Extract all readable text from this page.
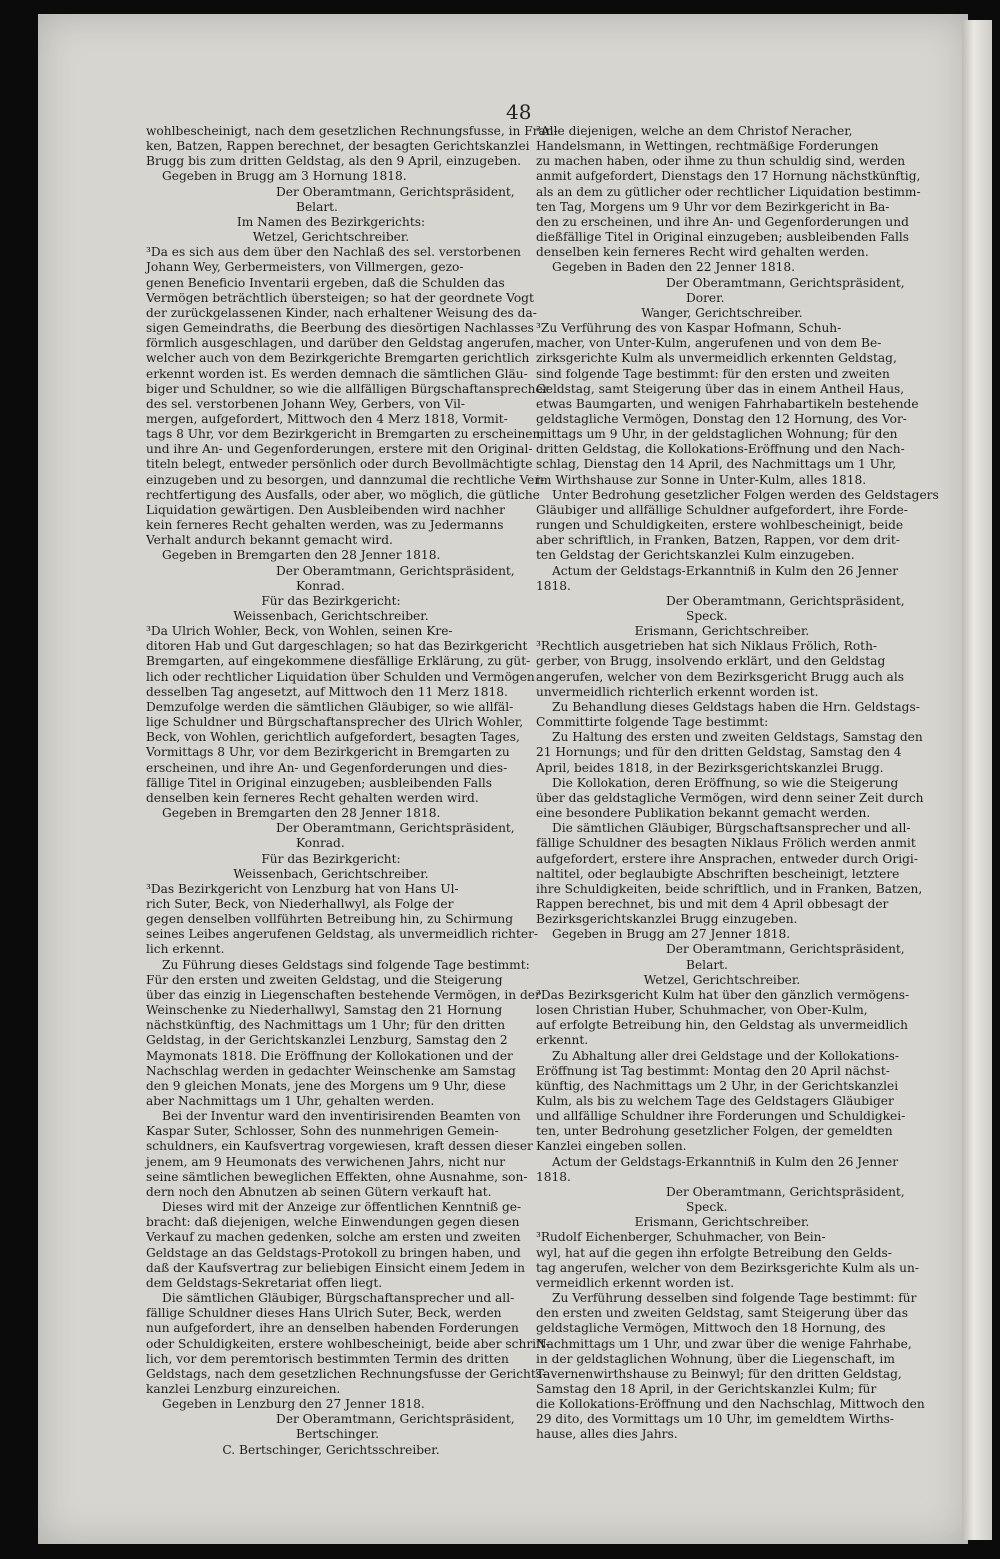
48
wohlbescheinigt, nach dem gesetzlichen Rechnungsfusse, in Fran-
ken, Batzen, Rappen berechnet, der besagten Gerichtskanzlei
Brugg bis zum dritten Geldstag, als den 9 April, einzugeben.
Gegeben in Brugg am 3 Hornung 1818.
Der Oberamtmann, Gerichtspräsident,
Belart.
Im Namen des Bezirkgerichts:
Wetzel, Gerichtschreiber.
³Da es sich aus dem über den Nachlaß des sel. verstorbenen
Johann Wey, Gerbermeisters, von Villmergen, gezo-
genen Beneficio Inventarii ergeben, daß die Schulden das
Vermögen beträchtlich übersteigen; so hat der geordnete Vogt
der zurückgelassenen Kinder, nach erhaltener Weisung des da-
sigen Gemeindraths, die Beerbung des diesörtigen Nachlasses
förmlich ausgeschlagen, und darüber den Geldstag angerufen,
welcher auch von dem Bezirkgerichte Bremgarten gerichtlich
erkennt worden ist. Es werden demnach die sämtlichen Gläu-
biger und Schuldner, so wie die allfälligen Bürgschaftansprecher
des sel. verstorbenen Johann Wey, Gerbers, von Vil-
mergen, aufgefordert, Mittwoch den 4 Merz 1818, Vormit-
tags 8 Uhr, vor dem Bezirkgericht in Bremgarten zu erscheinen,
und ihre An- und Gegenforderungen, erstere mit den Original-
titeln belegt, entweder persönlich oder durch Bevollmächtigte
einzugeben und zu besorgen, und dannzumal die rechtliche Ver-
rechtfertigung des Ausfalls, oder aber, wo möglich, die gütliche
Liquidation gewärtigen. Den Ausbleibenden wird nachher
kein ferneres Recht gehalten werden, was zu Jedermanns
Verhalt andurch bekannt gemacht wird.
Gegeben in Bremgarten den 28 Jenner 1818.
Der Oberamtmann, Gerichtspräsident,
Konrad.
Für das Bezirkgericht:
Weissenbach, Gerichtschreiber.
³Da Ulrich Wohler, Beck, von Wohlen, seinen Kre-
ditoren Hab und Gut dargeschlagen; so hat das Bezirkgericht
Bremgarten, auf eingekommene diesfällige Erklärung, zu güt-
lich oder rechtlicher Liquidation über Schulden und Vermögen
desselben Tag angesetzt, auf Mittwoch den 11 Merz 1818.
Demzufolge werden die sämtlichen Gläubiger, so wie allfäl-
lige Schuldner und Bürgschaftansprecher des Ulrich Wohler,
Beck, von Wohlen, gerichtlich aufgefordert, besagten Tages,
Vormittags 8 Uhr, vor dem Bezirkgericht in Bremgarten zu
erscheinen, und ihre An- und Gegenforderungen und dies-
fällige Titel in Original einzugeben; ausbleibenden Falls
denselben kein ferneres Recht gehalten werden wird.
Gegeben in Bremgarten den 28 Jenner 1818.
Der Oberamtmann, Gerichtspräsident,
Konrad.
Für das Bezirkgericht:
Weissenbach, Gerichtschreiber.
³Das Bezirkgericht von Lenzburg hat von Hans Ul-
rich Suter, Beck, von Niederhallwyl, als Folge der
gegen denselben vollführten Betreibung hin, zu Schirmung
seines Leibes angerufenen Geldstag, als unvermeidlich richter-
lich erkennt.
Zu Führung dieses Geldstags sind folgende Tage bestimmt:
Für den ersten und zweiten Geldstag, und die Steigerung
über das einzig in Liegenschaften bestehende Vermögen, in der
Weinschenke zu Niederhallwyl, Samstag den 21 Hornung
nächstkünftig, des Nachmittags um 1 Uhr; für den dritten
Geldstag, in der Gerichtskanzlei Lenzburg, Samstag den 2
Maymonats 1818. Die Eröffnung der Kollokationen und der
Nachschlag werden in gedachter Weinschenke am Samstag
den 9 gleichen Monats, jene des Morgens um 9 Uhr, diese
aber Nachmittags um 1 Uhr, gehalten werden.
Bei der Inventur ward den inventirisirenden Beamten von
Kaspar Suter, Schlosser, Sohn des nunmehrigen Gemein-
schuldners, ein Kaufsvertrag vorgewiesen, kraft dessen dieser
jenem, am 9 Heumonats des verwichenen Jahrs, nicht nur
seine sämtlichen beweglichen Effekten, ohne Ausnahme, son-
dern noch den Abnutzen ab seinen Gütern verkauft hat.
Dieses wird mit der Anzeige zur öffentlichen Kenntniß ge-
bracht: daß diejenigen, welche Einwendungen gegen diesen
Verkauf zu machen gedenken, solche am ersten und zweiten
Geldstage an das Geldstags-Protokoll zu bringen haben, und
daß der Kaufsvertrag zur beliebigen Einsicht einem Jedem in
dem Geldstags-Sekretariat offen liegt.
Die sämtlichen Gläubiger, Bürgschaftansprecher und all-
fällige Schuldner dieses Hans Ulrich Suter, Beck, werden
nun aufgefordert, ihre an denselben habenden Forderungen
oder Schuldigkeiten, erstere wohlbescheinigt, beide aber schrift-
lich, vor dem peremtorisch bestimmten Termin des dritten
Geldstags, nach dem gesetzlichen Rechnungsfusse der Gerichts-
kanzlei Lenzburg einzureichen.
Gegeben in Lenzburg den 27 Jenner 1818.
Der Oberamtmann, Gerichtspräsident,
Bertschinger.
C. Bertschinger, Gerichtsschreiber.
³Alle diejenigen, welche an dem Christof Neracher,
Handelsmann, in Wettingen, rechtmäßige Forderungen
zu machen haben, oder ihme zu thun schuldig sind, werden
anmit aufgefordert, Dienstags den 17 Hornung nächstkünftig,
als an dem zu gütlicher oder rechtlicher Liquidation bestimm-
ten Tag, Morgens um 9 Uhr vor dem Bezirkgericht in Ba-
den zu erscheinen, und ihre An- und Gegenforderungen und
dießfällige Titel in Original einzugeben; ausbleibenden Falls
denselben kein ferneres Recht wird gehalten werden.
Gegeben in Baden den 22 Jenner 1818.
Der Oberamtmann, Gerichtspräsident,
Dorer.
Wanger, Gerichtschreiber.
³Zu Verführung des von Kaspar Hofmann, Schuh-
macher, von Unter-Kulm, angerufenen und von dem Be-
zirksgerichte Kulm als unvermeidlich erkennten Geldstag,
sind folgende Tage bestimmt: für den ersten und zweiten
Geldstag, samt Steigerung über das in einem Antheil Haus,
etwas Baumgarten, und wenigen Fahrhabartikeln bestehende
geldstagliche Vermögen, Donstag den 12 Hornung, des Vor-
mittags um 9 Uhr, in der geldstaglichen Wohnung; für den
dritten Geldstag, die Kollokations-Eröffnung und den Nach-
schlag, Dienstag den 14 April, des Nachmittags um 1 Uhr,
im Wirthshause zur Sonne in Unter-Kulm, alles 1818.
Unter Bedrohung gesetzlicher Folgen werden des Geldstagers
Gläubiger und allfällige Schuldner aufgefordert, ihre Forde-
rungen und Schuldigkeiten, erstere wohlbescheinigt, beide
aber schriftlich, in Franken, Batzen, Rappen, vor dem drit-
ten Geldstag der Gerichtskanzlei Kulm einzugeben.
Actum der Geldstags-Erkanntniß in Kulm den 26 Jenner
1818.
Der Oberamtmann, Gerichtspräsident,
Speck.
Erismann, Gerichtschreiber.
³Rechtlich ausgetrieben hat sich Niklaus Frölich, Roth-
gerber, von Brugg, insolvendo erklärt, und den Geldstag
angerufen, welcher von dem Bezirksgericht Brugg auch als
unvermeidlich richterlich erkennt worden ist.
Zu Behandlung dieses Geldstags haben die Hrn. Geldstags-
Committirte folgende Tage bestimmt:
Zu Haltung des ersten und zweiten Geldstags, Samstag den
21 Hornungs; und für den dritten Geldstag, Samstag den 4
April, beides 1818, in der Bezirksgerichtskanzlei Brugg.
Die Kollokation, deren Eröffnung, so wie die Steigerung
über das geldstagliche Vermögen, wird denn seiner Zeit durch
eine besondere Publikation bekannt gemacht werden.
Die sämtlichen Gläubiger, Bürgschaftsansprecher und all-
fällige Schuldner des besagten Niklaus Frölich werden anmit
aufgefordert, erstere ihre Ansprachen, entweder durch Origi-
naltitel, oder beglaubigte Abschriften bescheinigt, letztere
ihre Schuldigkeiten, beide schriftlich, und in Franken, Batzen,
Rappen berechnet, bis und mit dem 4 April obbesagt der
Bezirksgerichtskanzlei Brugg einzugeben.
Gegeben in Brugg am 27 Jenner 1818.
Der Oberamtmann, Gerichtspräsident,
Belart.
Wetzel, Gerichtschreiber.
³Das Bezirksgericht Kulm hat über den gänzlich vermögens-
losen Christian Huber, Schuhmacher, von Ober-Kulm,
auf erfolgte Betreibung hin, den Geldstag als unvermeidlich
erkennt.
Zu Abhaltung aller drei Geldstage und der Kollokations-
Eröffnung ist Tag bestimmt: Montag den 20 April nächst-
künftig, des Nachmittags um 2 Uhr, in der Gerichtskanzlei
Kulm, als bis zu welchem Tage des Geldstagers Gläubiger
und allfällige Schuldner ihre Forderungen und Schuldigkei-
ten, unter Bedrohung gesetzlicher Folgen, der gemeldten
Kanzlei eingeben sollen.
Actum der Geldstags-Erkanntniß in Kulm den 26 Jenner
1818.
Der Oberamtmann, Gerichtspräsident,
Speck.
Erismann, Gerichtschreiber.
³Rudolf Eichenberger, Schuhmacher, von Bein-
wyl, hat auf die gegen ihn erfolgte Betreibung den Gelds-
tag angerufen, welcher von dem Bezirksgerichte Kulm als un-
vermeidlich erkennt worden ist.
Zu Verführung desselben sind folgende Tage bestimmt: für
den ersten und zweiten Geldstag, samt Steigerung über das
geldstagliche Vermögen, Mittwoch den 18 Hornung, des
Nachmittags um 1 Uhr, und zwar über die wenige Fahrhabe,
in der geldstaglichen Wohnung, über die Liegenschaft, im
Tavernenwirthshause zu Beinwyl; für den dritten Geldstag,
Samstag den 18 April, in der Gerichtskanzlei Kulm; für
die Kollokations-Eröffnung und den Nachschlag, Mittwoch den
29 dito, des Vormittags um 10 Uhr, im gemeldtem Wirths-
hause, alles dies Jahrs.
